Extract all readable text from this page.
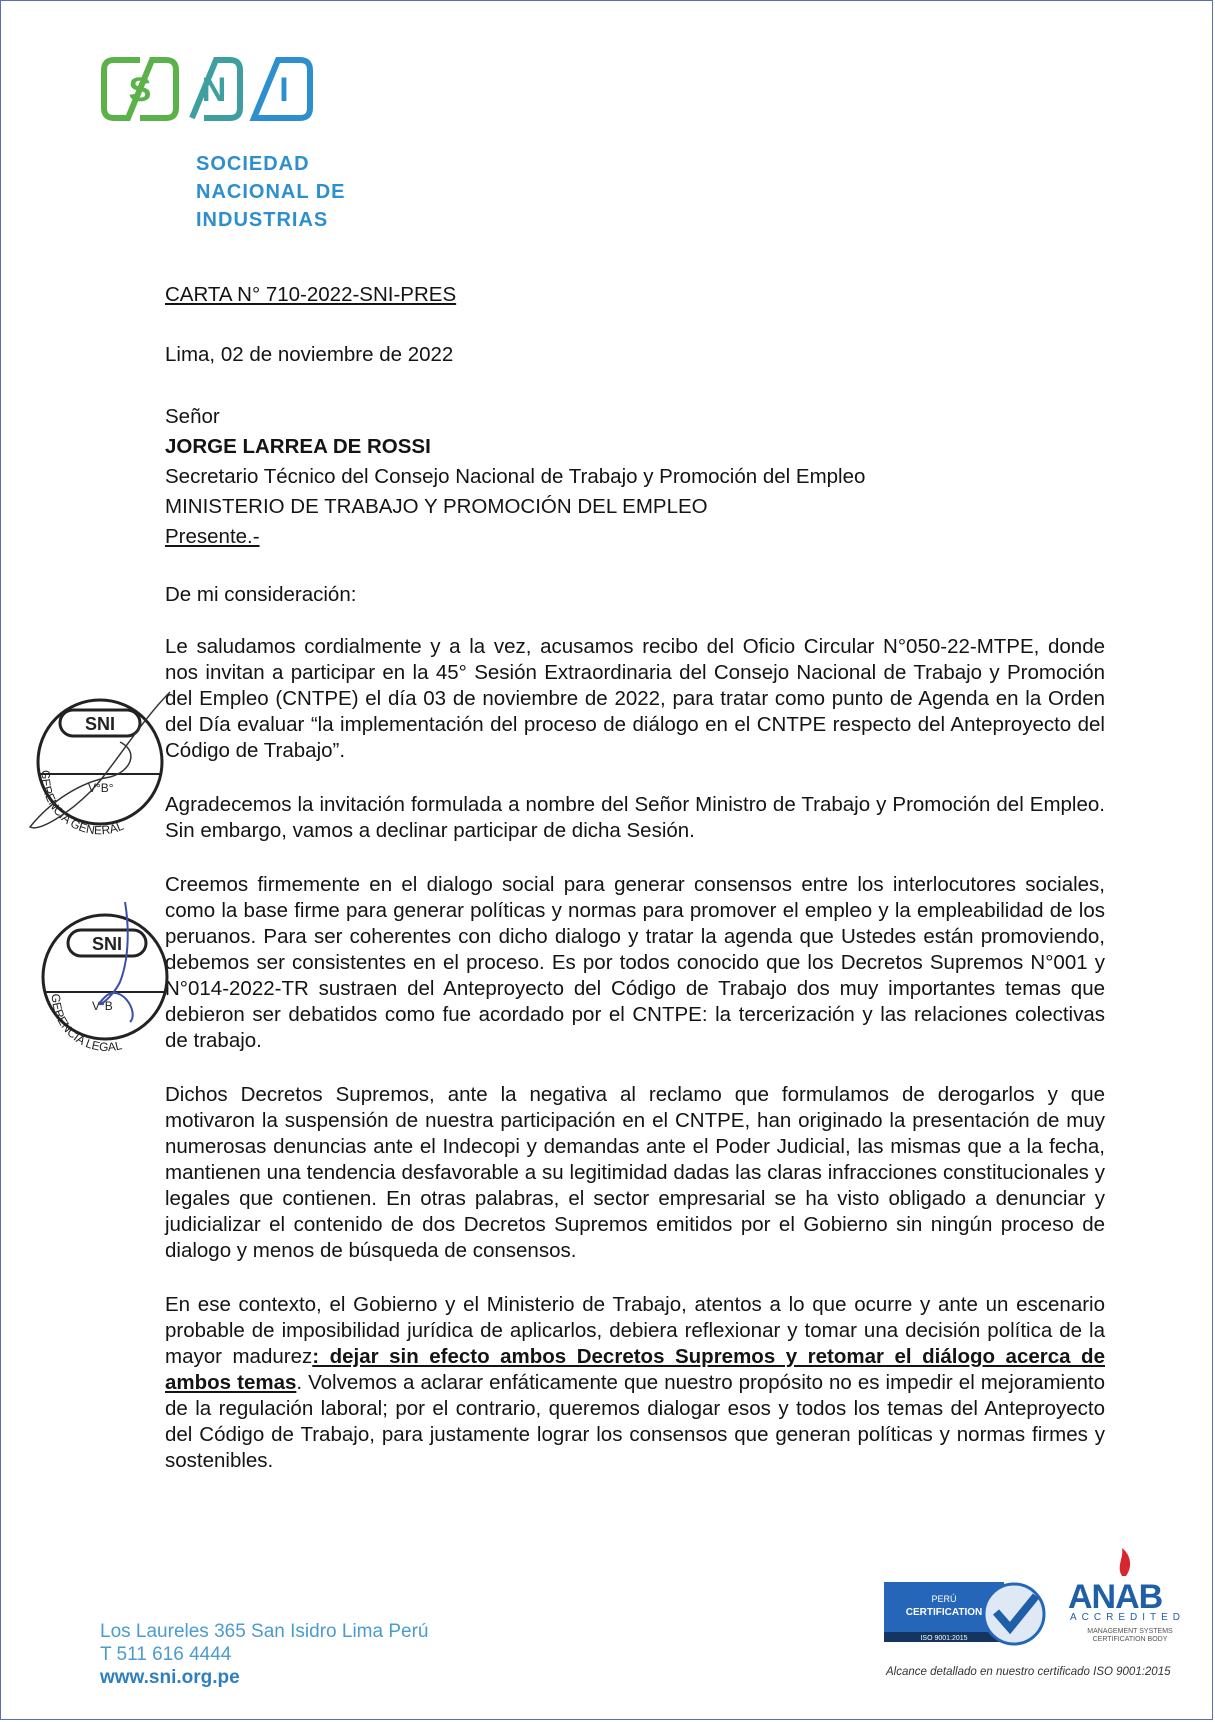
S N I
SOCIEDAD
NACIONAL DE
INDUSTRIAS
CARTA N° 710-2022-SNI-PRES
Lima, 02 de noviembre de 2022
Señor
JORGE LARREA DE ROSSI
Secretario Técnico del Consejo Nacional de Trabajo y Promoción del Empleo
MINISTERIO DE TRABAJO Y PROMOCIÓN DEL EMPLEO
Presente.-
De mi consideración:
Le saludamos cordialmente y a la vez, acusamos recibo del Oficio Circular N°050-22-MTPE, donde nos invitan a participar en la 45° Sesión Extraordinaria del Consejo Nacional de Trabajo y Promoción del Empleo (CNTPE) el día 03 de noviembre de 2022, para tratar como punto de Agenda en la Orden del Día evaluar “la implementación del proceso de diálogo en el CNTPE respecto del Anteproyecto del Código de Trabajo”.
Agradecemos la invitación formulada a nombre del Señor Ministro de Trabajo y Promoción del Empleo. Sin embargo, vamos a declinar participar de dicha Sesión.
Creemos firmemente en el dialogo social para generar consensos entre los interlocutores sociales, como la base firme para generar políticas y normas para promover el empleo y la empleabilidad de los peruanos. Para ser coherentes con dicho dialogo y tratar la agenda que Ustedes están promoviendo, debemos ser consistentes en el proceso. Es por todos conocido que los Decretos Supremos N°001 y N°014-2022-TR sustraen del Anteproyecto del Código de Trabajo dos muy importantes temas que debieron ser debatidos como fue acordado por el CNTPE: la tercerización y las relaciones colectivas de trabajo.
Dichos Decretos Supremos, ante la negativa al reclamo que formulamos de derogarlos y que motivaron la suspensión de nuestra participación en el CNTPE, han originado la presentación de muy numerosas denuncias ante el Indecopi y demandas ante el Poder Judicial, las mismas que a la fecha, mantienen una tendencia desfavorable a su legitimidad dadas las claras infracciones constitucionales y legales que contienen. En otras palabras, el sector empresarial se ha visto obligado a denunciar y judicializar el contenido de dos Decretos Supremos emitidos por el Gobierno sin ningún proceso de dialogo y menos de búsqueda de consensos.
En ese contexto, el Gobierno y el Ministerio de Trabajo, atentos a lo que ocurre y ante un escenario probable de imposibilidad jurídica de aplicarlos, debiera reflexionar y tomar una decisión política de la mayor madurez: dejar sin efecto ambos Decretos Supremos y retomar el diálogo acerca de ambos temas. Volvemos a aclarar enfáticamente que nuestro propósito no es impedir el mejoramiento de la regulación laboral; por el contrario, queremos dialogar esos y todos los temas del Anteproyecto del Código de Trabajo, para justamente lograr los consensos que generan políticas y normas firmes y sostenibles.
SNI
V°B°
GERENCIA GENERAL
SNI
V°B
GERENCIA LEGAL
Los Laureles 365 San Isidro Lima Perú
T 511 616 4444
www.sni.org.pe
PERÚ
CERTIFICATION
ISO 9001:2015
ANAB
ACCREDITED
MANAGEMENT SYSTEMS CERTIFICATION BODY
Alcance detallado en nuestro certificado ISO 9001:2015
